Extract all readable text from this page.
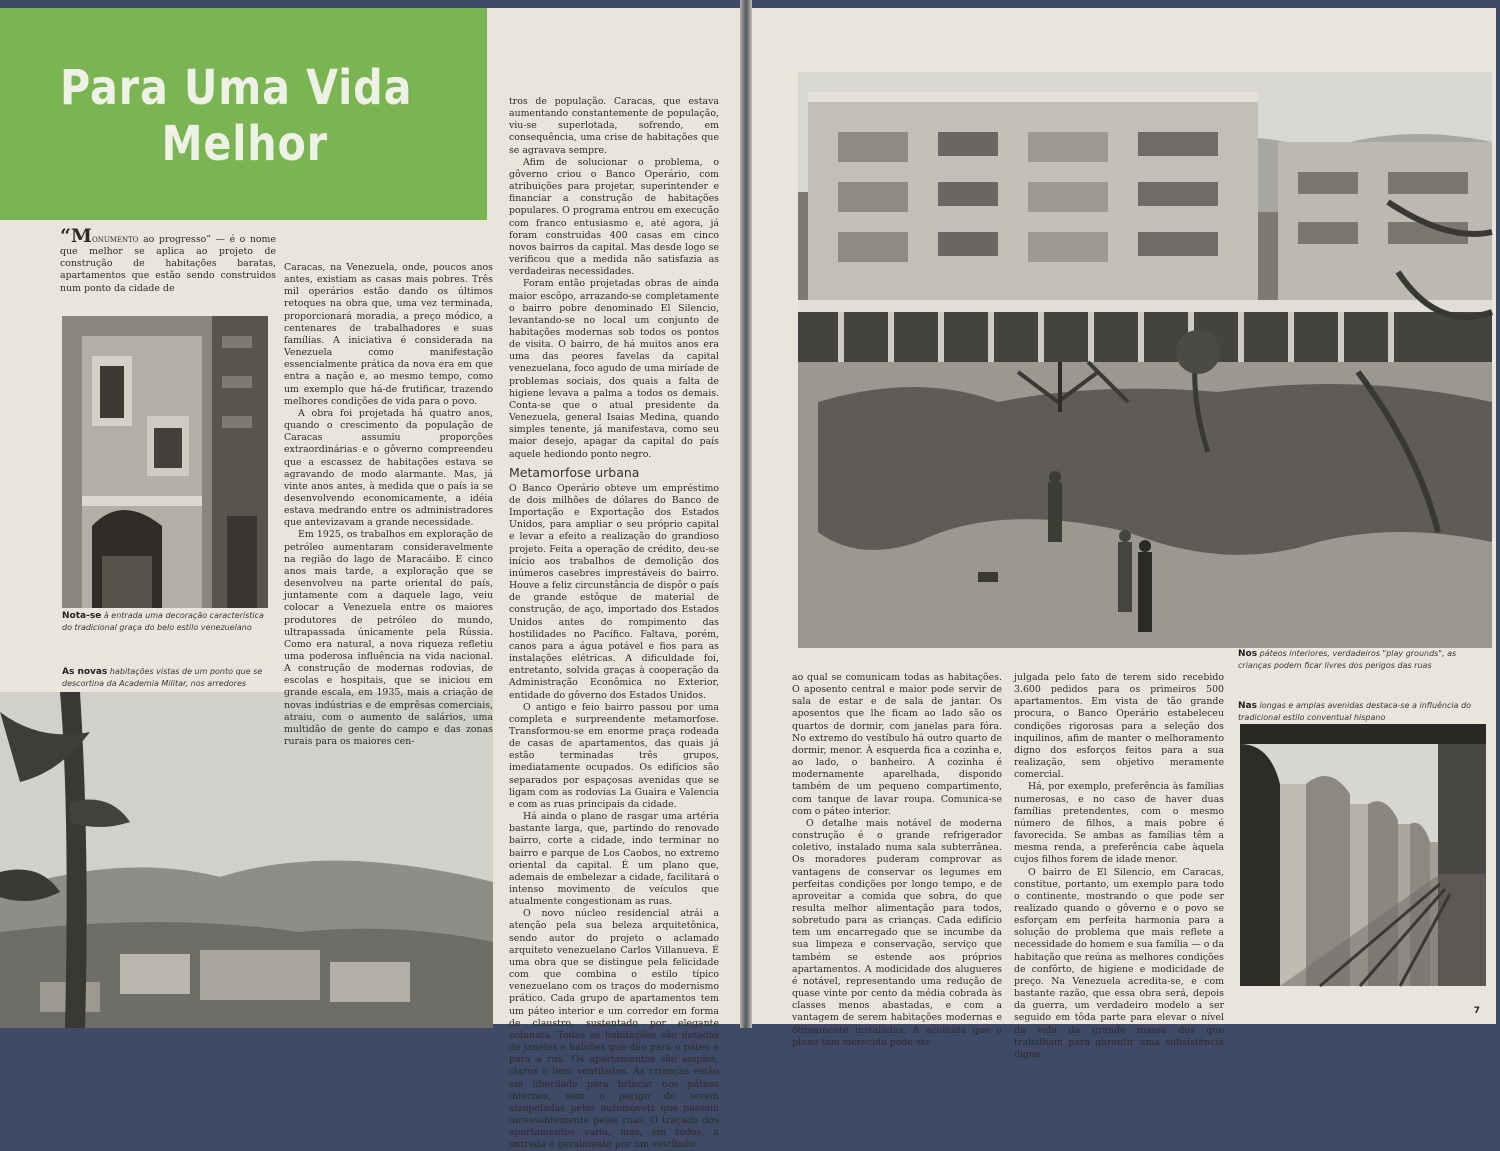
Para Uma Vida
Melhor

“Monumento ao progresso” — é o nome que melhor se aplica ao projeto de construção de habitações baratas, apartamentos que estão sendo construidos num ponto da cidade de

Nota-se à entrada uma decoração característica do tradicional graça do belo estilo venezuelano
As novas habitações vistas de um ponto que se descortina da Academia Militar, nos arredores

Caracas, na Venezuela, onde, poucos anos antes, existiam as casas mais pobres. Três mil operários estão dando os últimos retoques na obra que, uma vez terminada, proporcionará moradia, a preço módico, a centenares de trabalhadores e suas famílias. A iniciativa é considerada na Venezuela como manifestação essencialmente prática da nova era em que entra a nação e, ao mesmo tempo, como um exemplo que há-de frutificar, trazendo melhores condições de vida para o povo.

A obra foi projetada há quatro anos, quando o crescimento da população de Caracas assumiu proporções extraordinárias e o gôverno compreendeu que a escassez de habitações estava se agravando de modo alarmante. Mas, já vinte anos antes, à medida que o país ia se desenvolvendo economicamente, a idéia estava medrando entre os administradores que antevizavam a grande necessidade.

Em 1925, os trabalhos em exploração de petróleo aumentaram consideravelmente na região do lago de Maracáibo. E cinco anos mais tarde, a exploração que se desenvolveu na parte oriental do país, juntamente com a daquele lago, veiu colocar a Venezuela entre os maiores produtores de petróleo do mundo, ultrapassada únicamente pela Rússia. Como era natural, a nova riqueza refletiu uma poderosa influência na vida nacional. A construção de modernas rodovias, de escolas e hospitais, que se iniciou em grande escala, em 1935, mais a criação de novas indústrias e de emprêsas comerciais, atraiu, com o aumento de salários, uma multidão de gente do campo e das zonas rurais para os maiores cen-

tros de população. Caracas, que estava aumentando constantemente de população, viu-se superlotada, sofrendo, em consequência, uma crise de habitações que se agravava sempre.

Afim de solucionar o problema, o gôverno criou o Banco Operário, com atribuições para projetar, superintender e financiar a construção de habitações populares. O programa entrou em execução com franco entusiasmo e, até agora, já foram construidas 400 casas em cinco novos bairros da capital. Mas desde logo se verificou que a medida não satisfazia as verdadeiras necessidades.

Foram então projetadas obras de ainda maior escôpo, arrazando-se completamente o bairro pobre denominado El Silencio, levantando-se no local um conjunto de habitações modernas sob todos os pontos de visita. O bairro, de há muitos anos era uma das peores favelas da capital venezuelana, foco agudo de uma miríade de problemas sociais, dos quais a falta de higiene levava a palma a todos os demais. Conta-se que o atual presidente da Venezuela, general Isaias Medina, quando simples tenente, já manifestava, como seu maior desejo, apagar da capital do país aquele hediondo ponto negro.

Metamorfose urbana

O Banco Operário obteve um empréstimo de dois milhões de dólares do Banco de Importação e Exportação dos Estados Unidos, para ampliar o seu próprio capital e levar a efeito a realização do grandioso projeto. Feita a operação de crédito, deu-se início aos trabalhos de demolição dos inúmeros casebres imprestáveis do bairro. Houve a feliz circunstância de dispôr o país de grande estôque de material de construção, de aço, importado dos Estados Unidos antes do rompimento das hostilidades no Pacífico. Faltava, porém, canos para a água potável e fios para as instalações elétricas. A dificuldade foi, entretanto, solvida graças à cooperação da Administração Econômica no Exterior, entidade do gôverno dos Estados Unidos.

O antigo e feio bairro passou por uma completa e surpreendente metamorfose. Transformou-se em enorme praça rodeada de casas de apartamentos, das quais já estão terminadas três grupos, imediatamente ocupados. Os edifícios são separados por espaçosas avenidas que se ligam com as rodovias La Guaira e Valencia e com as ruas principais da cidade.

Há ainda o plano de rasgar uma artéria bastante larga, que, partindo do renovado bairro, corte a cidade, indo terminar no bairro e parque de Los Caobos, no extremo oriental da capital. É um plano que, ademais de embelezar a cidade, facilitará o intenso movimento de veículos que atualmente congestionam as ruas.

O novo núcleo residencial atrái a atenção pela sua beleza arquitetônica, sendo autor do projeto o aclamado arquiteto venezuelano Carlos Villanueva. É uma obra que se distingue pela felicidade com que combina o estilo típico venezuelano com os traços do modernismo prático. Cada grupo de apartamentos tem um páteo interior e um corredor em forma de claustro, sustentado por elegante colunata. Todas as habitações são dotadas de janelas e balcões que dão para o páteo e para a rua. Os apartamentos são amplos, claros e bem ventilados. As crianças estão em liberdade para brincar nos páteos internos, sem o perigo de serem atropeladas pelos automóveis que passam incessantemente pelas ruas. O traçado dos apartamentos varia, mas, em todos, a entrada é geralmente por um vestíbulo

Nos páteos interiores, verdadeiros "play grounds", as crianças podem ficar livres dos perigos das ruas
Nas longas e amplas avenidas destaca-se a influência do tradicional estilo conventual hispano

ao qual se comunicam todas as habitações. O aposento central e maior pode servir de sala de estar e de sala de jantar. Os aposentos que lhe ficam ao lado são os quartos de dormir, com janelas para fóra. No extremo do vestíbulo há outro quarto de dormir, menor. À esquerda fica a cozinha e, ao lado, o banheiro. A cozinha é modernamente aparelhada, dispondo também de um pequeno compartimento, com tanque de lavar roupa. Comunica-se com o páteo interior.

O detalhe mais notável de moderna construção é o grande refrigerador coletivo, instalado numa sala subterrânea. Os moradores puderam comprovar as vantagens de conservar os legumes em perfeitas condições por longo tempo, e de aproveitar a comida que sobra, do que resulta melhor alimentação para todos, sobretudo para as crianças. Cada edifício tem um encarregado que se incumbe da sua limpeza e conservação, serviço que também se estende aos próprios apartamentos. A modicidade dos alugueres é notável, representando uma redução de quase vinte por cento da média cobrada às classes menos abastadas, e com a vantagem de serem habitações modernas e ótimamente instaladas. A acolhida que o plano tem merecido pode ser

julgada pelo fato de terem sido recebido 3.600 pedidos para os primeiros 500 apartamentos. Em vista de tão grande procura, o Banco Operário estabeleceu condições rigorosas para a seleção dos inquilinos, afim de manter o melhoramento digno dos esforços feitos para a sua realização, sem objetivo meramente comercial.

Há, por exemplo, preferência às famílias numerosas, e no caso de haver duas famílias pretendentes, com o mesmo número de filhos, a mais pobre é favorecida. Se ambas as famílias têm a mesma renda, a preferência cabe àquela cujos filhos forem de idade menor.

O bairro de El Silencio, em Caracas, constitue, portanto, um exemplo para todo o continente, mostrando o que pode ser realizado quando o gôverno e o povo se esforçam em perfeita harmonia para a solução do problema que mais reflete a necessidade do homem e sua família — o da habitação que reúna as melhores condições de confôrto, de higiene e modicidade de preço. Na Venezuela acredita-se, e com bastante razão, que essa obra será, depois da guerra, um verdadeiro modelo a ser seguido em tôda parte para elevar o nível da vida da grande massa dos que trabalham para garantir uma subsistência digna.

7
